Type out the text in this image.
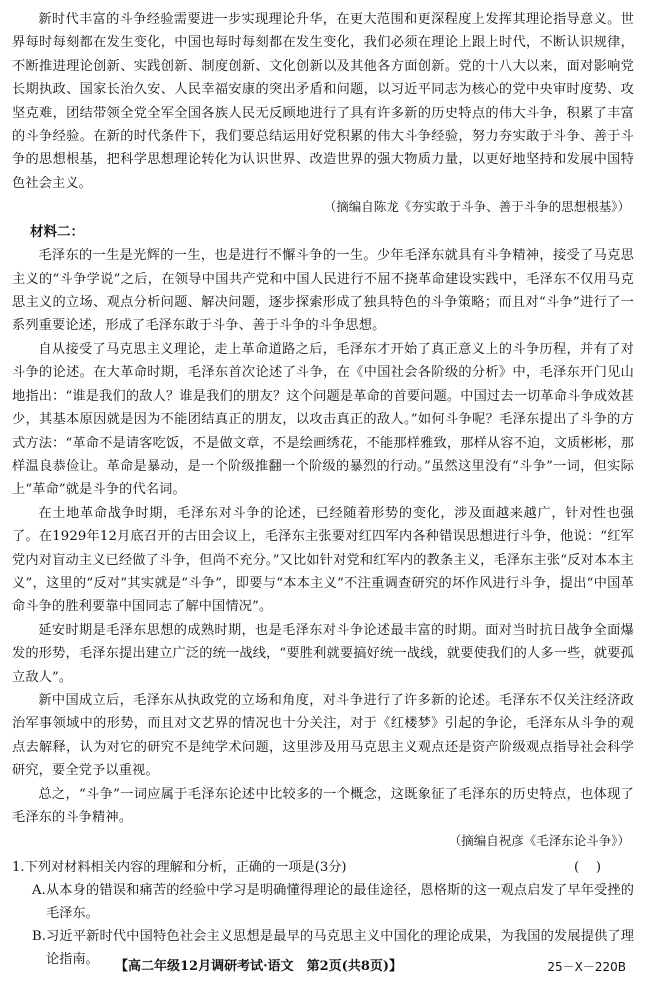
新时代丰富的斗争经验需要进一步实现理论升华，在更大范围和更深程度上发挥其理论指导意义。世界每时每刻都在发生变化，中国也每时每刻都在发生变化，我们必须在理论上跟上时代，不断认识规律，不断推进理论创新、实践创新、制度创新、文化创新以及其他各方面创新。党的十八大以来，面对影响党长期执政、国家长治久安、人民幸福安康的突出矛盾和问题，以习近平同志为核心的党中央审时度势、攻坚克难，团结带领全党全军全国各族人民无反顾地进行了具有许多新的历史特点的伟大斗争，积累了丰富的斗争经验。在新的时代条件下，我们要总结运用好党积累的伟大斗争经验，努力夯实敢于斗争、善于斗争的思想根基，把科学思想理论转化为认识世界、改造世界的强大物质力量，以更好地坚持和发展中国特色社会主义。

（摘编自陈龙《夯实敢于斗争、善于斗争的思想根基》）
材料二：

毛泽东的一生是光辉的一生，也是进行不懈斗争的一生。少年毛泽东就具有斗争精神，接受了马克思主义的“斗争学说”之后，在领导中国共产党和中国人民进行不屈不挠革命建设实践中，毛泽东不仅用马克思主义的立场、观点分析问题、解决问题，逐步探索形成了独具特色的斗争策略；而且对“斗争”进行了一系列重要论述，形成了毛泽东敢于斗争、善于斗争的斗争思想。

自从接受了马克思主义理论，走上革命道路之后，毛泽东才开始了真正意义上的斗争历程，并有了对斗争的论述。在大革命时期，毛泽东首次论述了斗争，在《中国社会各阶级的分析》中，毛泽东开门见山地指出：“谁是我们的敌人？谁是我们的朋友？这个问题是革命的首要问题。中国过去一切革命斗争成效甚少，其基本原因就是因为不能团结真正的朋友，以攻击真正的敌人。”如何斗争呢？毛泽东提出了斗争的方式方法：“革命不是请客吃饭，不是做文章，不是绘画绣花，不能那样雅致，那样从容不迫，文质彬彬，那样温良恭俭让。革命是暴动，是一个阶级推翻一个阶级的暴烈的行动。”虽然这里没有“斗争”一词，但实际上“革命”就是斗争的代名词。

在土地革命战争时期，毛泽东对斗争的论述，已经随着形势的变化，涉及面越来越广，针对性也强了。在1929年12月底召开的古田会议上，毛泽东主张要对红四军内各种错误思想进行斗争，他说：“红军党内对盲动主义已经做了斗争，但尚不充分。”又比如针对党和红军内的教条主义，毛泽东主张“反对本本主义”，这里的“反对”其实就是“斗争”，即要与“本本主义”不注重调查研究的坏作风进行斗争，提出“中国革命斗争的胜利要靠中国同志了解中国情况”。

延安时期是毛泽东思想的成熟时期，也是毛泽东对斗争论述最丰富的时期。面对当时抗日战争全面爆发的形势，毛泽东提出建立广泛的统一战线，“要胜利就要搞好统一战线，就要使我们的人多一些，就要孤立敌人”。

新中国成立后，毛泽东从执政党的立场和角度，对斗争进行了许多新的论述。毛泽东不仅关注经济政治军事领域中的形势，而且对文艺界的情况也十分关注，对于《红楼梦》引起的争论，毛泽东从斗争的观点去解释，认为对它的研究不是纯学术问题，这里涉及用马克思主义观点还是资产阶级观点指导社会科学研究，要全党予以重视。

总之，“斗争”一词应属于毛泽东论述中比较多的一个概念，这既象征了毛泽东的历史特点，也体现了毛泽东的斗争精神。

（摘编自祝彦《毛泽东论斗争》）
1.下列对材料相关内容的理解和分析，正确的一项是(3分)	(    )
A.从本身的错误和痛苦的经验中学习是明确懂得理论的最佳途径，恩格斯的这一观点启发了早年受挫的毛泽东。
B.习近平新时代中国特色社会主义思想是最早的马克思主义中国化的理论成果，为我国的发展提供了理论指南。	【高二年级12月调研考试·语文　第2页(共8页)】	25－X－220B
